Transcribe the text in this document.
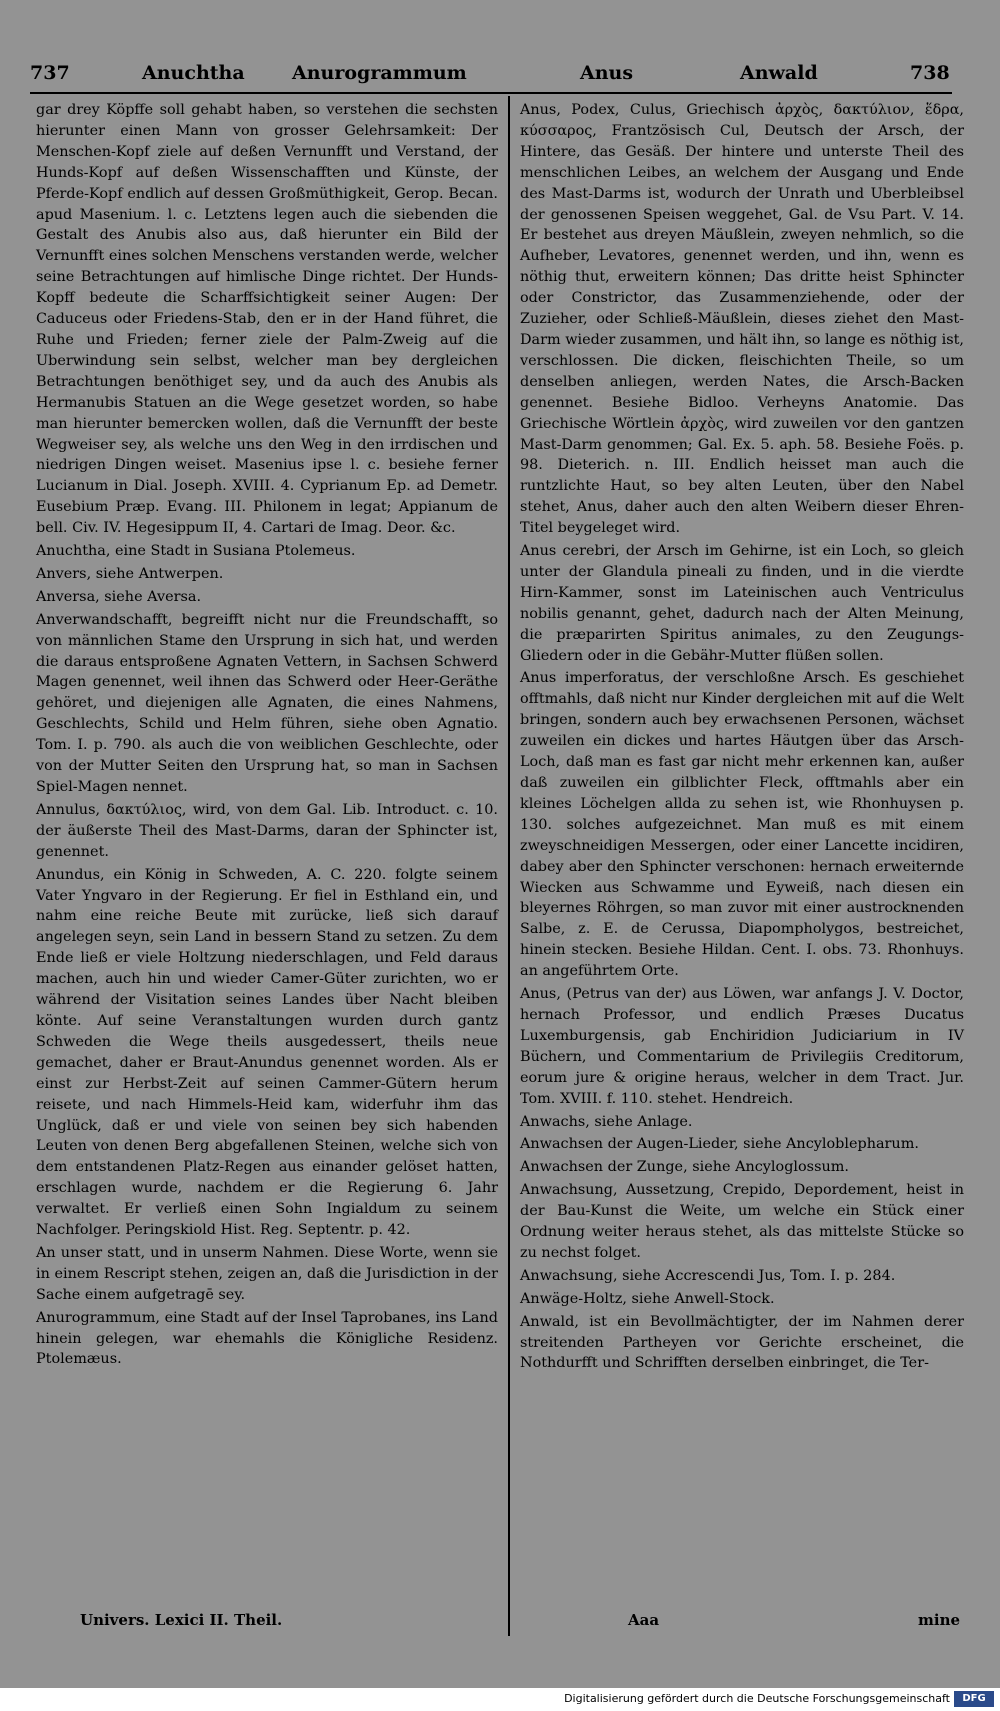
737	Anuchtha Anurogrammum	Anus	Anwald	738

gar drey Köpffe soll gehabt haben, so verstehen die sechsten hierunter einen Mann von grosser Gelehrsamkeit: Der Menschen-Kopf ziele auf deßen Vernunfft und Verstand, der Hunds-Kopf auf deßen Wissenschafften und Künste, der Pferde-Kopf endlich auf dessen Großmüthigkeit, Gerop. Becan. apud Masenium. l. c. Letztens legen auch die siebenden die Gestalt des Anubis also aus, daß hierunter ein Bild der Vernunfft eines solchen Menschens verstanden werde, welcher seine Betrachtungen auf himlische Dinge richtet. Der Hunds-Kopff bedeute die Scharffsichtigkeit seiner Augen: Der Caduceus oder Friedens-Stab, den er in der Hand führet, die Ruhe und Frieden; ferner ziele der Palm-Zweig auf die Uberwindung sein selbst, welcher man bey dergleichen Betrachtungen benöthiget sey, und da auch des Anubis als Hermanubis Statuen an die Wege gesetzet worden, so habe man hierunter bemercken wollen, daß die Vernunfft der beste Wegweiser sey, als welche uns den Weg in den irrdischen und niedrigen Dingen weiset. Masenius ipse l. c. besiehe ferner Lucianum in Dial. Joseph. XVIII. 4. Cyprianum Ep. ad Demetr. Eusebium Præp. Evang. III. Philonem in legat; Appianum de bell. Civ. IV. Hegesippum II, 4. Cartari de Imag. Deor. &c.

Anuchtha, eine Stadt in Susiana Ptolemeus.

Anvers, siehe Antwerpen.

Anversa, siehe Aversa.

Anverwandschafft, begreifft nicht nur die Freundschafft, so von männlichen Stame den Ursprung in sich hat, und werden die daraus entsproßene Agnaten Vettern, in Sachsen Schwerd Magen genennet, weil ihnen das Schwerd oder Heer-Geräthe gehöret, und diejenigen alle Agnaten, die eines Nahmens, Geschlechts, Schild und Helm führen, siehe oben Agnatio. Tom. I. p. 790. als auch die von weiblichen Geschlechte, oder von der Mutter Seiten den Ursprung hat, so man in Sachsen Spiel-Magen nennet.

Annulus, δακτύλιος, wird, von dem Gal. Lib. Introduct. c. 10. der äußerste Theil des Mast-Darms, daran der Sphincter ist, genennet.

Anundus, ein König in Schweden, A. C. 220. folgte seinem Vater Yngvaro in der Regierung. Er fiel in Esthland ein, und nahm eine reiche Beute mit zurücke, ließ sich darauf angelegen seyn, sein Land in bessern Stand zu setzen. Zu dem Ende ließ er viele Holtzung niederschlagen, und Feld daraus machen, auch hin und wieder Camer-Güter zurichten, wo er während der Visitation seines Landes über Nacht bleiben könte. Auf seine Veranstaltungen wurden durch gantz Schweden die Wege theils ausgedessert, theils neue gemachet, daher er Braut-Anundus genennet worden. Als er einst zur Herbst-Zeit auf seinen Cammer-Gütern herum reisete, und nach Himmels-Heid kam, widerfuhr ihm das Unglück, daß er und viele von seinen bey sich habenden Leuten von denen Berg abgefallenen Steinen, welche sich von dem entstandenen Platz-Regen aus einander gelöset hatten, erschlagen wurde, nachdem er die Regierung 6. Jahr verwaltet. Er verließ einen Sohn Ingialdum zu seinem Nachfolger. Peringskiold Hist. Reg. Septentr. p. 42.

An unser statt, und in unserm Nahmen. Diese Worte, wenn sie in einem Rescript stehen, zeigen an, daß die Jurisdiction in der Sache einem aufgetragē sey.

Anurogrammum, eine Stadt auf der Insel Taprobanes, ins Land hinein gelegen, war ehemahls die Königliche Residenz. Ptolemæus.

Anus, Podex, Culus, Griechisch ἀρχὸς, δακτύλιον, ἕδρα, κύσσαρος, Frantzösisch Cul, Deutsch der Arsch, der Hintere, das Gesäß. Der hintere und unterste Theil des menschlichen Leibes, an welchem der Ausgang und Ende des Mast-Darms ist, wodurch der Unrath und Uberbleibsel der genossenen Speisen weggehet, Gal. de Vsu Part. V. 14. Er bestehet aus dreyen Mäußlein, zweyen nehmlich, so die Aufheber, Levatores, genennet werden, und ihn, wenn es nöthig thut, erweitern können; Das dritte heist Sphincter oder Constrictor, das Zusammenziehende, oder der Zuzieher, oder Schließ-Mäußlein, dieses ziehet den Mast-Darm wieder zusammen, und hält ihn, so lange es nöthig ist, verschlossen. Die dicken, fleischichten Theile, so um denselben anliegen, werden Nates, die Arsch-Backen genennet. Besiehe Bidloo. Verheyns Anatomie. Das Griechische Wörtlein ἀρχὸς, wird zuweilen vor den gantzen Mast-Darm genommen; Gal. Ex. 5. aph. 58. Besiehe Foës. p. 98. Dieterich. n. III. Endlich heisset man auch die runtzlichte Haut, so bey alten Leuten, über den Nabel stehet, Anus, daher auch den alten Weibern dieser Ehren-Titel beygeleget wird.

Anus cerebri, der Arsch im Gehirne, ist ein Loch, so gleich unter der Glandula pineali zu finden, und in die vierdte Hirn-Kammer, sonst im Lateinischen auch Ventriculus nobilis genannt, gehet, dadurch nach der Alten Meinung, die præparirten Spiritus animales, zu den Zeugungs-Gliedern oder in die Gebähr-Mutter flüßen sollen.

Anus imperforatus, der verschloßne Arsch. Es geschiehet offtmahls, daß nicht nur Kinder dergleichen mit auf die Welt bringen, sondern auch bey erwachsenen Personen, wächset zuweilen ein dickes und hartes Häutgen über das Arsch-Loch, daß man es fast gar nicht mehr erkennen kan, außer daß zuweilen ein gilblichter Fleck, offtmahls aber ein kleines Löchelgen allda zu sehen ist, wie Rhonhuysen p. 130. solches aufgezeichnet. Man muß es mit einem zweyschneidigen Messergen, oder einer Lancette incidiren, dabey aber den Sphincter verschonen: hernach erweiternde Wiecken aus Schwamme und Eyweiß, nach diesen ein bleyernes Röhrgen, so man zuvor mit einer austrocknenden Salbe, z. E. de Cerussa, Diapompholygos, bestreichet, hinein stecken. Besiehe Hildan. Cent. I. obs. 73. Rhonhuys. an angeführtem Orte.

Anus, (Petrus van der) aus Löwen, war anfangs J. V. Doctor, hernach Professor, und endlich Præses Ducatus Luxemburgensis, gab Enchiridion Judiciarium in IV Büchern, und Commentarium de Privilegiis Creditorum, eorum jure & origine heraus, welcher in dem Tract. Jur. Tom. XVIII. f. 110. stehet. Hendreich.

Anwachs, siehe Anlage.

Anwachsen der Augen-Lieder, siehe Ancyloblepharum.

Anwachsen der Zunge, siehe Ancyloglossum.

Anwachsung, Aussetzung, Crepido, Depordement, heist in der Bau-Kunst die Weite, um welche ein Stück einer Ordnung weiter heraus stehet, als das mittelste Stücke so zu nechst folget.

Anwachsung, siehe Accrescendi Jus, Tom. I. p. 284.

Anwäge-Holtz, siehe Anwell-Stock.

Anwald, ist ein Bevollmächtigter, der im Nahmen derer streitenden Partheyen vor Gerichte erscheinet, die Nothdurfft und Schrifften derselben einbringet, die Ter-

Univers. Lexici II. Theil.	Aaa	mine
Digitalisierung gefördert durch die Deutsche Forschungsgemeinschaft	DFG
